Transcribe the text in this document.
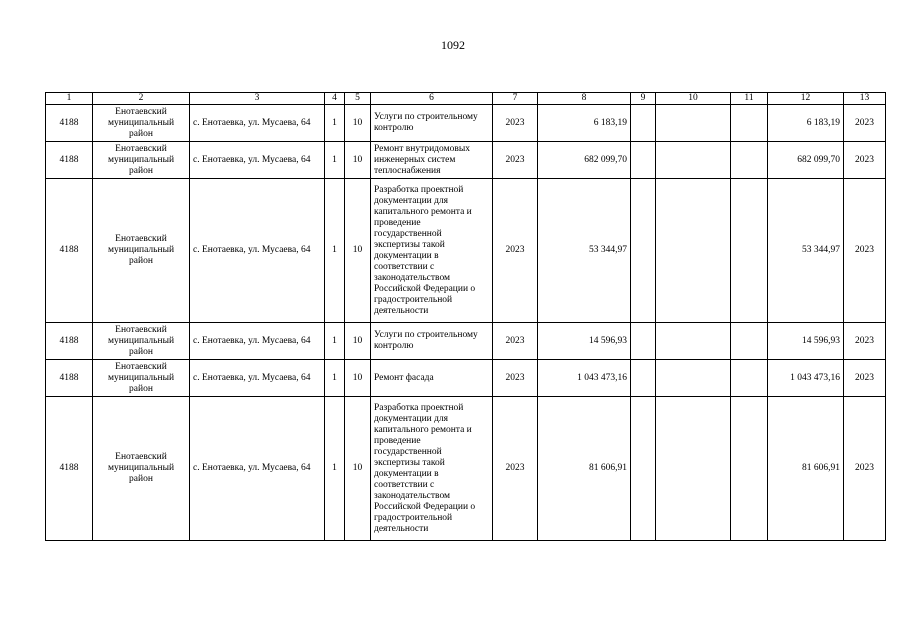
1092
1	2	3	4	5	6	7	8	9	10	11	12	13
4188	Енотаевский муниципальный район	с. Енотаевка, ул. Мусаева, 64	1	10	Услуги по строительному контролю	2023	6 183,19				6 183,19	2023
4188	Енотаевский муниципальный район	с. Енотаевка, ул. Мусаева, 64	1	10	Ремонт внутридомовых инженерных систем теплоснабжения	2023	682 099,70				682 099,70	2023
4188	Енотаевский муниципальный район	с. Енотаевка, ул. Мусаева, 64	1	10	Разработка проектной документации для капитального ремонта и проведение государственной экспертизы такой документации в соответствии с законодательством Российской Федерации о градостроительной деятельности	2023	53 344,97				53 344,97	2023
4188	Енотаевский муниципальный район	с. Енотаевка, ул. Мусаева, 64	1	10	Услуги по строительному контролю	2023	14 596,93				14 596,93	2023
4188	Енотаевский муниципальный район	с. Енотаевка, ул. Мусаева, 64	1	10	Ремонт фасада	2023	1 043 473,16				1 043 473,16	2023
4188	Енотаевский муниципальный район	с. Енотаевка, ул. Мусаева, 64	1	10	Разработка проектной документации для капитального ремонта и проведение государственной экспертизы такой документации в соответствии с законодательством Российской Федерации о градостроительной деятельности	2023	81 606,91				81 606,91	2023
